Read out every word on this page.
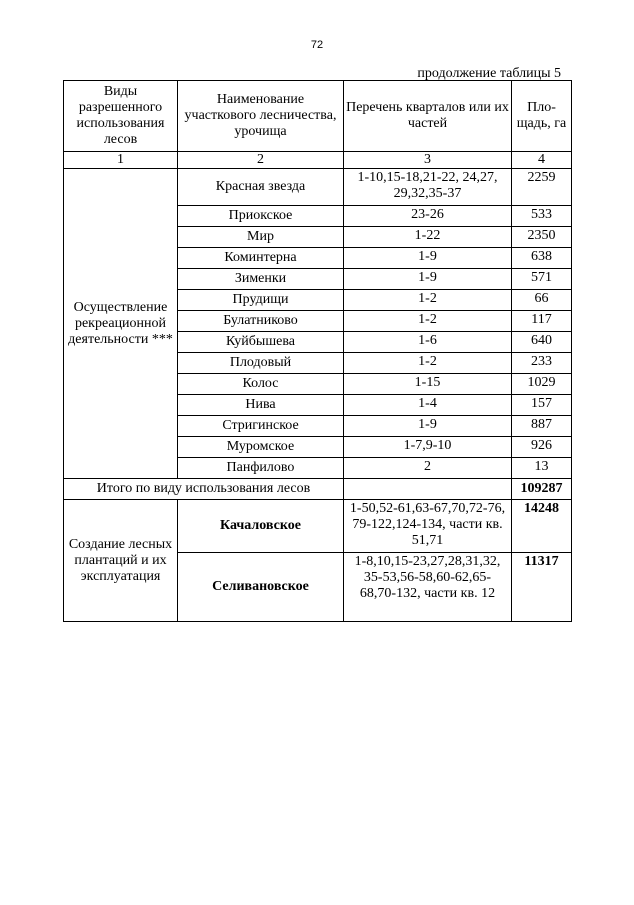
72
продолжение таблицы 5
Виды разрешенного использования лесов	Наименование участкового лесничества, урочища	Перечень кварталов или их частей	Пло-щадь, га
1	2	3	4
Осуществление рекреационной деятельности ***	Красная звезда	1-10,15-18,21-22, 24,27, 29,32,35-37	2259
	Приокское	23-26	533
	Мир	1-22	2350
	Коминтерна	1-9	638
	Зименки	1-9	571
	Прудищи	1-2	66
	Булатниково	1-2	117
	Куйбышева	1-6	640
	Плодовый	1-2	233
	Колос	1-15	1029
	Нива	1-4	157
	Стригинское	1-9	887
	Муромское	1-7,9-10	926
	Панфилово	2	13
Итого по виду использования лесов			109287
Создание лесных плантаций и их эксплуатация	Качаловское	1-50,52-61,63-67,70,72-76, 79-122,124-134, части кв. 51,71	14248
	Селивановское	1-8,10,15-23,27,28,31,32, 35-53,56-58,60-62,65-68,70-132, части кв. 12	11317
